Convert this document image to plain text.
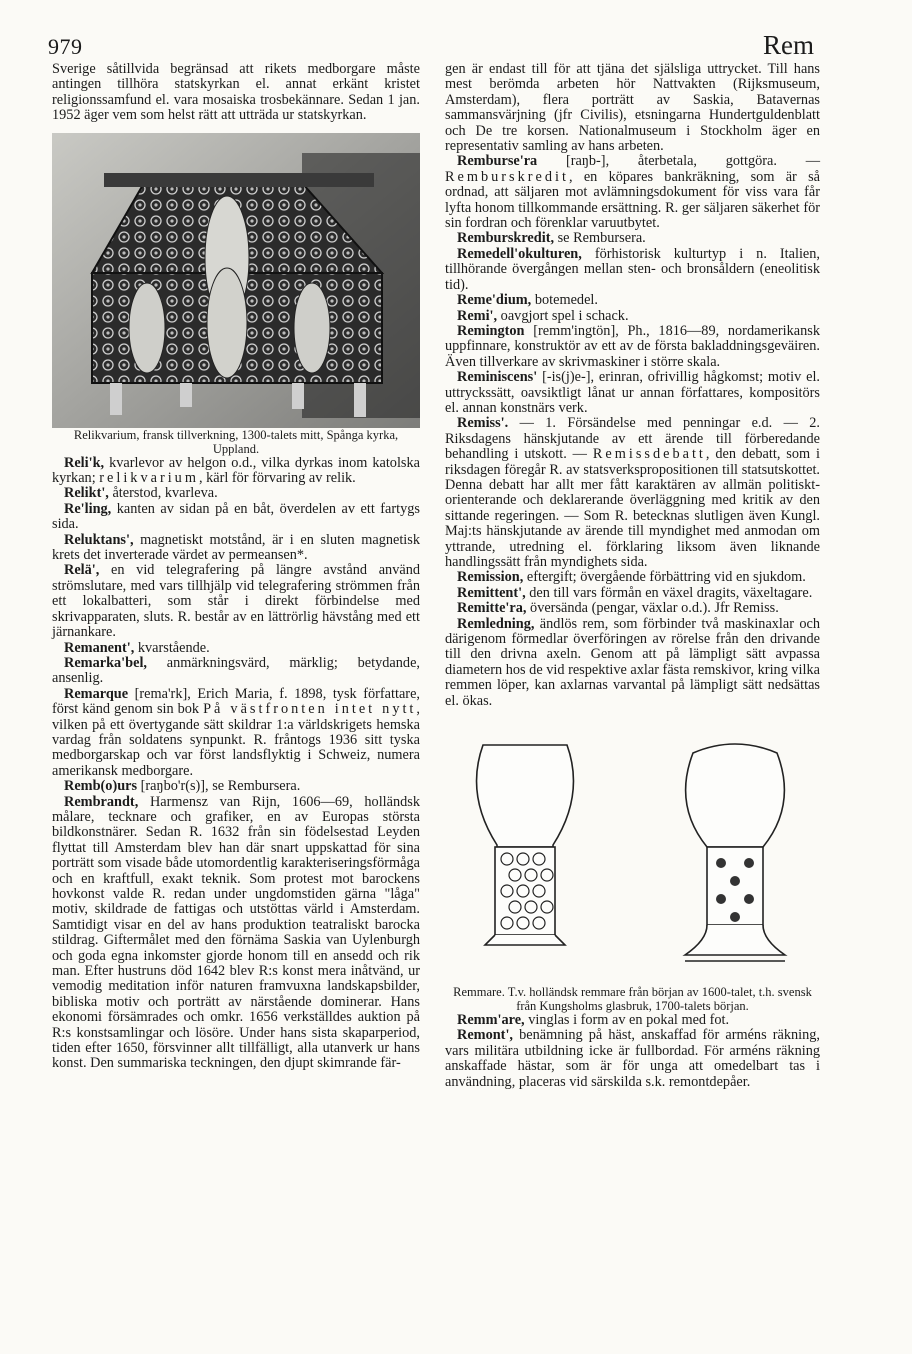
979	Rem

Sverige såtillvida begränsad att rikets medborgare måste antingen tillhöra statskyrkan el. annat erkänt kristet religionssamfund el. vara mosaiska trosbekännare. Sedan 1 jan. 1952 äger vem som helst rätt att utträda ur statskyrkan.

Relikvarium, fransk tillverkning, 1300-talets mitt, Spånga kyrka, Uppland.

Reli'k, kvarlevor av helgon o.d., vilka dyrkas inom katolska kyrkan; relikvarium, kärl för förvaring av relik.

Relikt', återstod, kvarleva.

Re'ling, kanten av sidan på en båt, överdelen av ett fartygs sida.

Reluktans', magnetiskt motstånd, är i en sluten magnetisk krets det inverterade värdet av permeansen*.

Relä', en vid telegrafering på längre avstånd använd strömslutare, med vars tillhjälp vid telegrafering strömmen från ett lokalbatteri, som står i direkt förbindelse med skrivapparaten, sluts. R. består av en lättrörlig hävstång med ett järnankare.

Remanent', kvarstående.

Remarka'bel, anmärkningsvärd, märklig; betydande, ansenlig.

Remarque [rema'rk], Erich Maria, f. 1898, tysk författare, först känd genom sin bok På västfronten intet nytt, vilken på ett övertygande sätt skildrar 1:a världskrigets hemska vardag från soldatens synpunkt. R. fråntogs 1936 sitt tyska medborgarskap och var först landsflyktig i Schweiz, numera amerikansk medborgare.

Remb(o)urs [raŋbo'r(s)], se Rembursera.

Rembrandt, Harmensz van Rijn, 1606—69, holländsk målare, tecknare och grafiker, en av Europas största bildkonstnärer. Sedan R. 1632 från sin födelsestad Leyden flyttat till Amsterdam blev han där snart uppskattad för sina porträtt som visade både utomordentlig karakteriseringsförmåga och en kraftfull, exakt teknik. Som protest mot barockens hovkonst valde R. redan under ungdomstiden gärna "låga" motiv, skildrade de fattigas och utstöttas värld i Amsterdam. Samtidigt visar en del av hans produktion teatraliskt barocka stildrag. Giftermålet med den förnäma Saskia van Uylenburgh och goda egna inkomster gjorde honom till en ansedd och rik man. Efter hustruns död 1642 blev R:s konst mera inåtvänd, ur vemodig meditation inför naturen framvuxna landskapsbilder, bibliska motiv och porträtt av närstående dominerar. Hans ekonomi försämrades och omkr. 1656 verkställdes auktion på R:s konstsamlingar och lösöre. Under hans sista skaparperiod, tiden efter 1650, försvinner allt tillfälligt, alla utanverk ur hans konst. Den summariska teckningen, den djupt skimrande fär-

gen är endast till för att tjäna det själsliga uttrycket. Till hans mest berömda arbeten hör Nattvakten (Rijksmuseum, Amsterdam), flera porträtt av Saskia, Batavernas sammansvärjning (jfr Civilis), etsningarna Hundertguldenblatt och De tre korsen. Nationalmuseum i Stockholm äger en representativ samling av hans arbeten.

Rembursе'ra [raŋb-], återbetala, gottgöra. — Remburskredit, en köpares bankräkning, som är så ordnad, att säljaren mot avlämningsdokument för viss vara får lyfta honom tillkommande ersättning. R. ger säljaren säkerhet för sin fordran och förenklar varuutbytet.

Remburskredit, se Rembursera.

Remedell'okulturen, förhistorisk kulturtyp i n. Italien, tillhörande övergången mellan sten- och bronsåldern (eneolitisk tid).

Reme'dium, botemedel.

Remi', oavgjort spel i schack.

Remington [remm'ingtön], Ph., 1816—89, nordamerikansk uppfinnare, konstruktör av ett av de första bakladdningsgeväiren. Även tillverkare av skrivmaskiner i större skala.

Reminiscens' [-is(j)e-], erinran, ofrivillig hågkomst; motiv el. uttryckssätt, oavsiktligt lånat ur annan författares, kompositörs el. annan konstnärs verk.

Remiss'. — 1. Försändelse med penningar e.d. — 2. Riksdagens hänskjutande av ett ärende till förberedande behandling i utskott. — Remissdebatt, den debatt, som i riksdagen föregår R. av statsverkspropositionen till statsutskottet. Denna debatt har allt mer fått karaktären av allmän politiskt-orienterande och deklarerande överläggning med kritik av den sittande regeringen. — Som R. betecknas slutligen även Kungl. Maj:ts hänskjutande av ärende till myndighet med anmodan om yttrande, utredning el. förklaring liksom även liknande handlingssätt från myndighets sida.

Remission, eftergift; övergående förbättring vid en sjukdom.

Remittent', den till vars förmån en växel dragits, växeltagare.

Remitte'ra, översända (pengar, växlar o.d.). Jfr Remiss.

Remledning, ändlös rem, som förbinder två maskinaxlar och därigenom förmedlar överföringen av rörelse från den drivande till den drivna axeln. Genom att på lämpligt sätt avpassa diametern hos de vid respektive axlar fästa remskivor, kring vilka remmen löper, kan axlarnas varvantal på lämpligt sätt nedsättas el. ökas.

Remmare. T.v. holländsk remmare från början av 1600-talet, t.h. svensk från Kungsholms glasbruk, 1700-talets början.

Remm'are, vinglas i form av en pokal med fot.

Remont', benämning på häst, anskaffad för arméns räkning, vars militära utbildning icke är fullbordad. För arméns räkning anskaffade hästar, som är för unga att omedelbart tas i användning, placeras vid särskilda s.k. remontdepåer.
